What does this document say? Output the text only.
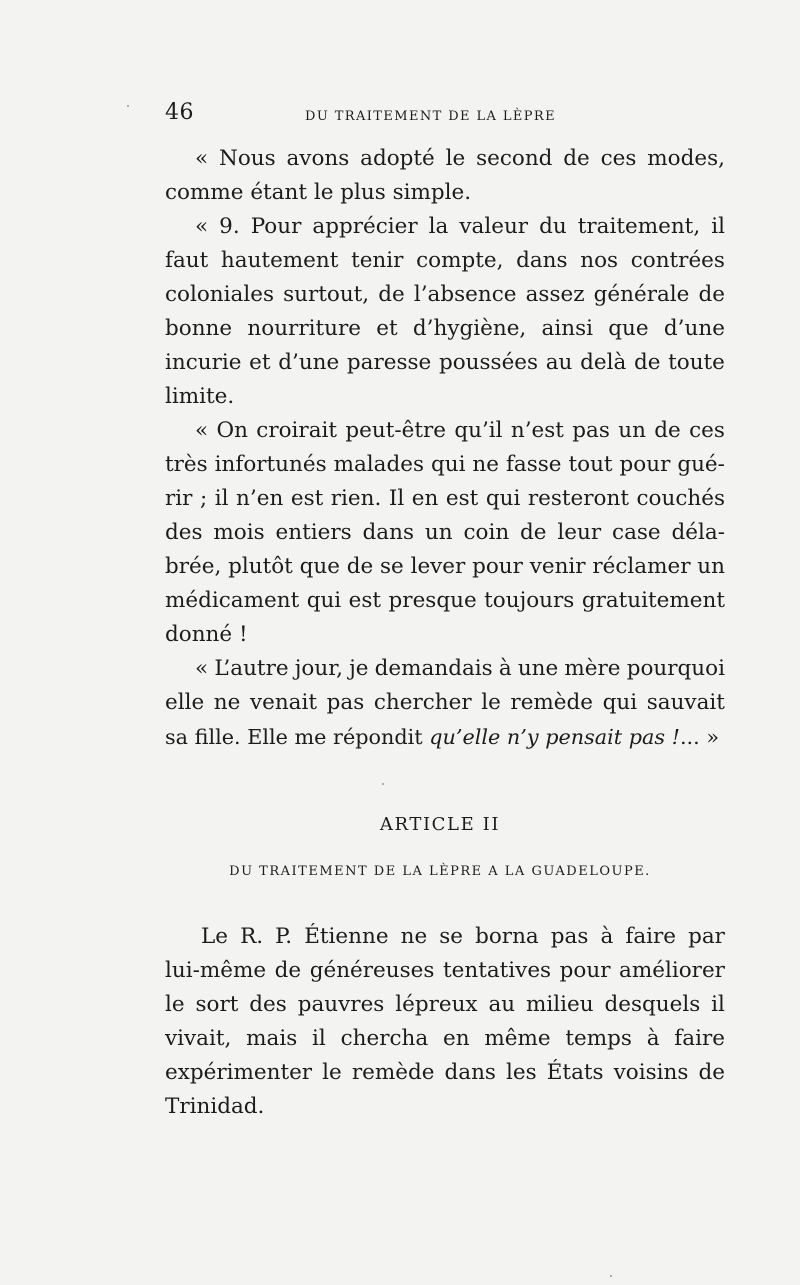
46	DU TRAITEMENT DE LA LÈPRE
« Nous avons adopté le second de ces modes,
comme étant le plus simple.
« 9. Pour apprécier la valeur du traitement, il
faut hautement tenir compte, dans nos contrées
coloniales surtout, de l’absence assez générale de
bonne nourriture et d’hygiène, ainsi que d’une
incurie et d’une paresse poussées au delà de toute
limite.
« On croirait peut-être qu’il n’est pas un de ces
très infortunés malades qui ne fasse tout pour gué-
rir ; il n’en est rien. Il en est qui resteront couchés
des mois entiers dans un coin de leur case déla-
brée, plutôt que de se lever pour venir réclamer un
médicament qui est presque toujours gratuitement
donné !
« L’autre jour, je demandais à une mère pourquoi
elle ne venait pas chercher le remède qui sauvait
sa fille. Elle me répondit qu’elle n’y pensait pas !... »
ARTICLE II
DU TRAITEMENT DE LA LÈPRE A LA GUADELOUPE.
Le R. P. Étienne ne se borna pas à faire par
lui-même de généreuses tentatives pour améliorer
le sort des pauvres lépreux au milieu desquels il
vivait, mais il chercha en même temps à faire
expérimenter le remède dans les États voisins de
Trinidad.
